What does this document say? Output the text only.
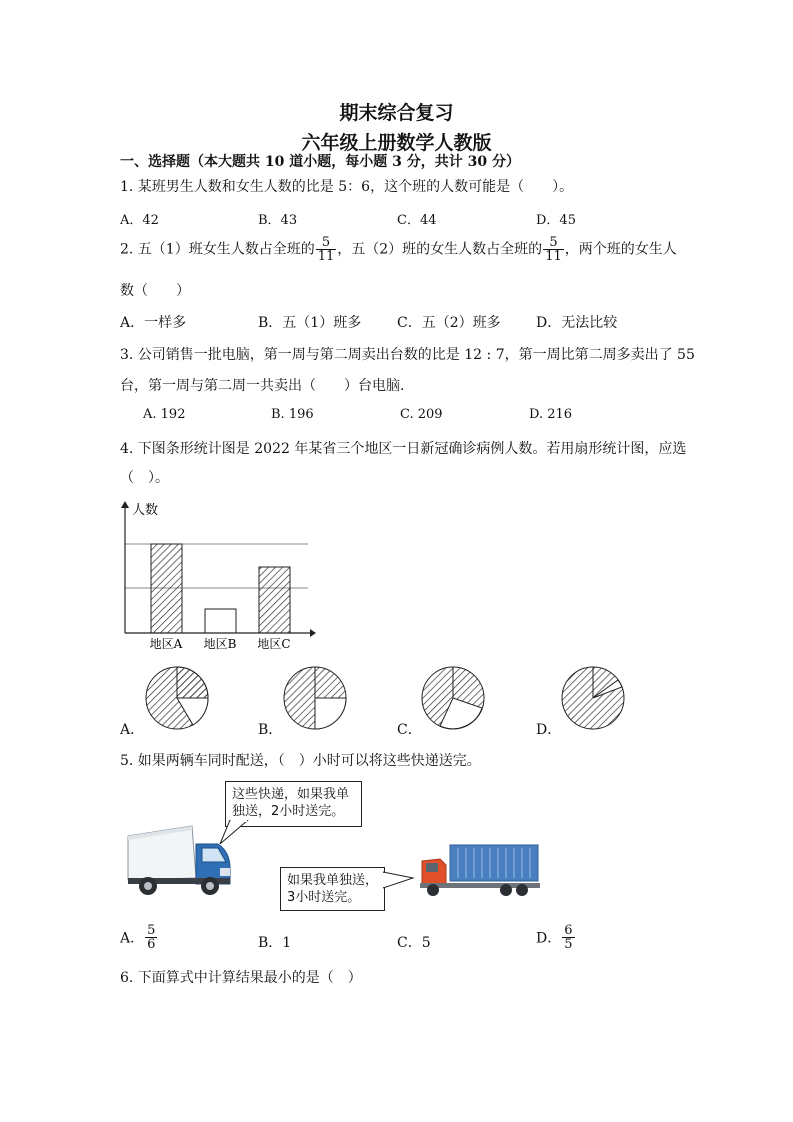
期末综合复习
六年级上册数学人教版
一、选择题（本大题共 10 道小题，每小题 3 分，共计 30 分）
1. 某班男生人数和女生人数的比是 5：6，这个班的人数可能是（　　）。
A．42	B．43	C．44	D．45
2. 五（1）班女生人数占全班的 $\frac{5}{11}$ ，五（2）班的女生人数占全班的 $\frac{5}{11}$ ，两个班的女生人
数（　　）
A．一样多	B．五（1）班多	C．五（2）班多	D．无法比较
3. 公司销售一批电脑，第一周与第二周卖出台数的比是 12 : 7，第一周比第二周多卖出了 55
台，第一周与第二周一共卖出（　　）台电脑.
A. 192	B. 196	C. 209	D. 216
4. 下图条形统计图是 2022 年某省三个地区一日新冠确诊病例人数。若用扇形统计图，应选
（　）。
人数
地区A 地区B 地区C
A．	B．	C．	D．
5. 如果两辆车同时配送，（　）小时可以将这些快递送完。
这些快递，如果我单独送，2小时送完。
如果我单独送，3小时送完。
A． $\frac{5}{6}$	B．1	C．5	D． $\frac{6}{5}$
6. 下面算式中计算结果最小的是（　）
